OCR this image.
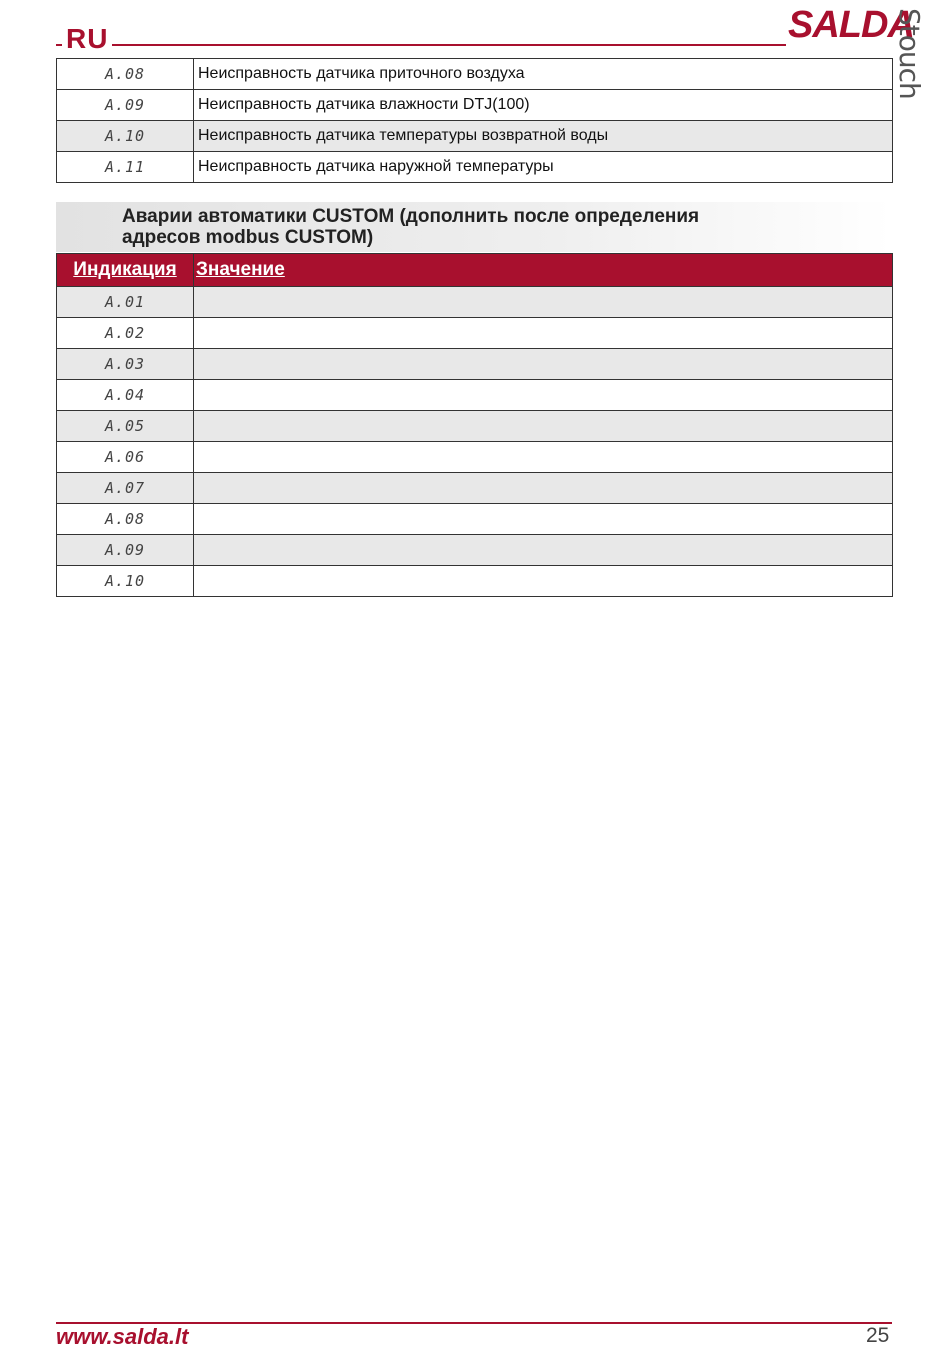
RU	SALDA
Stouch
A.08	Неисправность датчика приточного воздуха
A.09	Неисправность датчика влажности DTJ(100)
A.10	Неисправность датчика температуры возвратной воды
A.11	Неисправность датчика наружной температуры
Аварии автоматики CUSTOM (дополнить после определения адресов modbus CUSTOM)
Индикация	Значение
A.01	
A.02	
A.03	
A.04	
A.05	
A.06	
A.07	
A.08	
A.09	
A.10	
www.salda.lt	25
